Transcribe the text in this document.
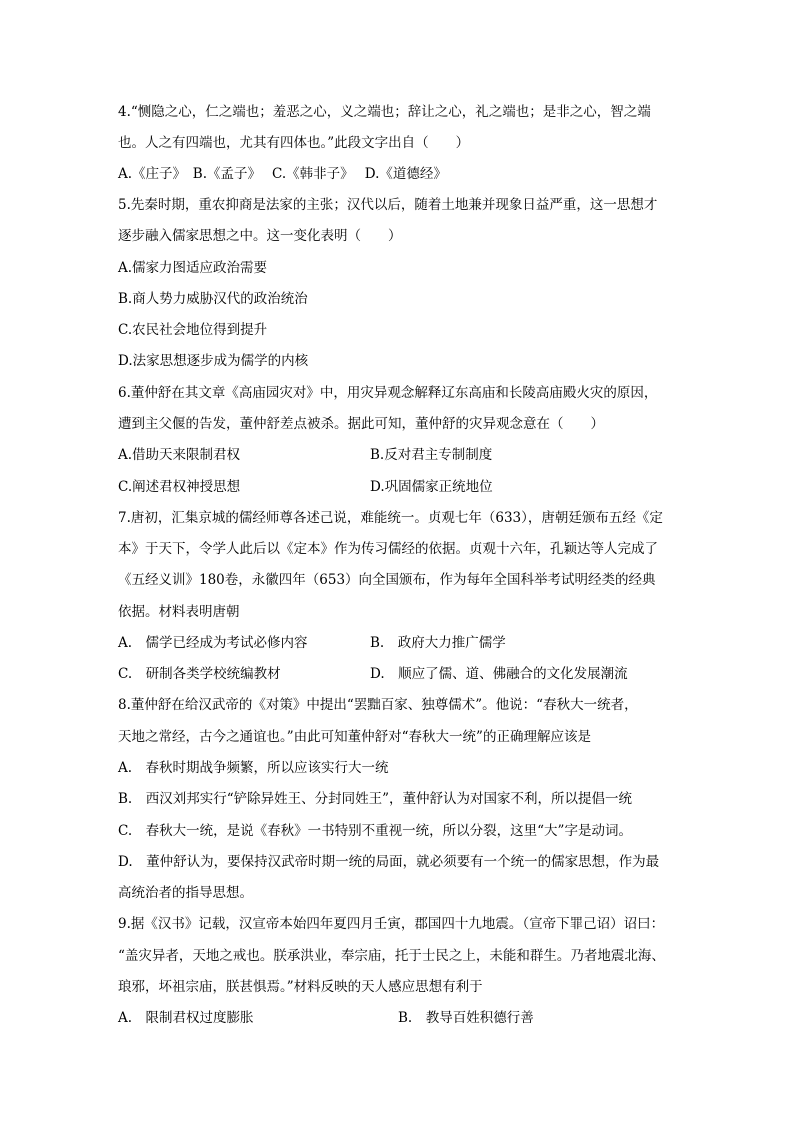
4.“恻隐之心，仁之端也；羞恶之心，义之端也；辞让之心，礼之端也；是非之心，智之端
也。人之有四端也，尤其有四体也。”此段文字出自（　　）
A.《庄子》　B.《孟子》　 C.《韩非子》　 D.《道德经》
5.先秦时期，重农抑商是法家的主张；汉代以后，随着土地兼并现象日益严重，这一思想才
逐步融入儒家思想之中。这一变化表明（　　）
A.儒家力图适应政治需要
B.商人势力威胁汉代的政治统治
C.农民社会地位得到提升
D.法家思想逐步成为儒学的内核
6.董仲舒在其文章《高庙园灾对》中，用灾异观念解释辽东高庙和长陵高庙殿火灾的原因，
遭到主父偃的告发，董仲舒差点被杀。据此可知，董仲舒的灾异观念意在（　　）
A.借助天来限制君权	B.反对君主专制制度
C.阐述君权神授思想	D.巩固儒家正统地位
7.唐初，汇集京城的儒经师尊各述己说，难能统一。贞观七年（633），唐朝廷颁布五经《定
本》于天下，令学人此后以《定本》作为传习儒经的依据。贞观十六年，孔颖达等人完成了
《五经义训》180卷，永徽四年（653）向全国颁布，作为每年全国科举考试明经类的经典
依据。材料表明唐朝
A.　儒学已经成为考试必修内容	B.　政府大力推广儒学
C.　研制各类学校统编教材	D.　顺应了儒、道、佛融合的文化发展潮流
8.董仲舒在给汉武帝的《对策》中提出“罢黜百家、独尊儒术”。他说：“春秋大一统者，
天地之常经，古今之通谊也。”由此可知董仲舒对“春秋大一统”的正确理解应该是
A.　春秋时期战争频繁，所以应该实行大一统
B.　西汉刘邦实行“铲除异姓王、分封同姓王”，董仲舒认为对国家不利，所以提倡一统
C.　春秋大一统，是说《春秋》一书特别不重视一统，所以分裂，这里“大”字是动词。
D.　董仲舒认为，要保持汉武帝时期一统的局面，就必须要有一个统一的儒家思想，作为最
高统治者的指导思想。
9.据《汉书》记载，汉宣帝本始四年夏四月壬寅，郡国四十九地震。（宣帝下罪己诏）诏曰：
“盖灾异者，天地之戒也。朕承洪业，奉宗庙，托于士民之上，未能和群生。乃者地震北海、
琅邪，坏祖宗庙，朕甚惧焉。”材料反映的天人感应思想有利于
A.　限制君权过度膨胀	B.　教导百姓积德行善
